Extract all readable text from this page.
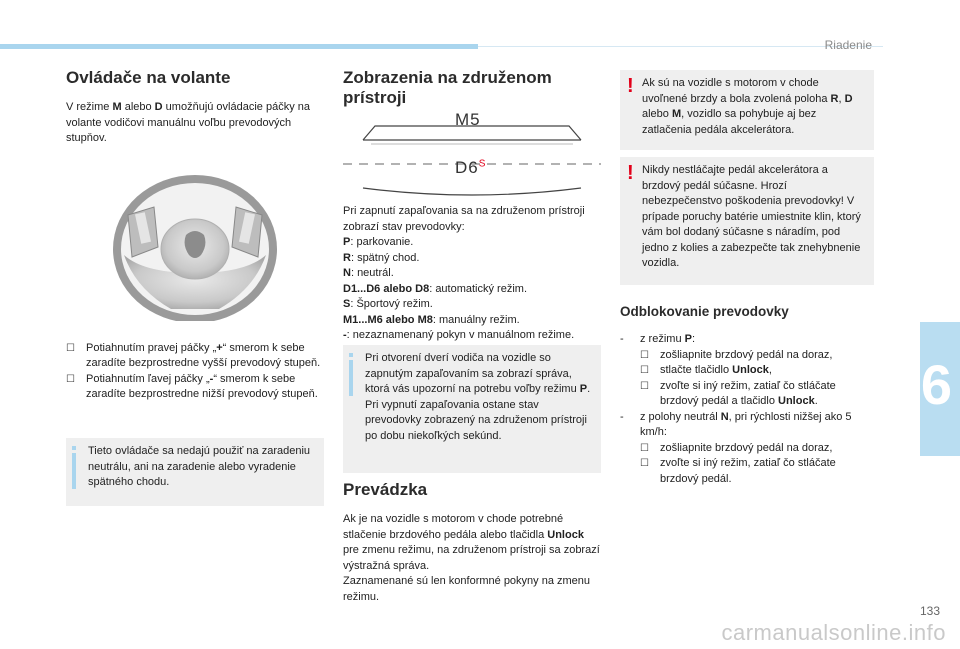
Riadenie
6
Ovládače na volante

V režime M alebo D umožňujú ovládacie páčky na volante vodičovi manuálnu voľbu prevodových stupňov.

☐ Potiahnutím pravej páčky „+“ smerom k sebe zaradíte bezprostredne vyšší prevodový stupeň.
☐ Potiahnutím ľavej páčky „-“ smerom k sebe zaradíte bezprostredne nižší prevodový stupeň.

Tieto ovládače sa nedajú použiť na zaradeniu neutrálu, ani na zaradenie alebo vyradenie spätného chodu.

Zobrazenia na združenom prístroji
M5
$D6^S$

Pri zapnutí zapaľovania sa na združenom prístroji zobrazí stav prevodovky:

P: parkovanie.

R: spätný chod.

N: neutrál.

D1...D6 alebo D8: automatický režim.

S: Športový režim.

M1...M6 alebo M8: manuálny režim.

-: nezaznamenaný pokyn v manuálnom režime.

Pri otvorení dverí vodiča na vozidle so zapnutým zapaľovaním sa zobrazí správa, ktorá vás upozorní na potrebu voľby režimu P.

Pri vypnutí zapaľovania ostane stav prevodovky zobrazený na združenom prístroji po dobu niekoľkých sekúnd.

Prevádzka

Ak je na vozidle s motorom v chode potrebné stlačenie brzdového pedála alebo tlačidla Unlock pre zmenu režimu, na združenom prístroji sa zobrazí výstražná správa.

Zaznamenané sú len konformné pokyny na zmenu režimu.

! Ak sú na vozidle s motorom v chode uvoľnené brzdy a bola zvolená poloha R, D alebo M, vozidlo sa pohybuje aj bez zatlačenia pedála akcelerátora.

! Nikdy nestláčajte pedál akcelerátora a brzdový pedál súčasne. Hrozí nebezpečenstvo poškodenia prevodovky! V prípade poruchy batérie umiestnite klin, ktorý vám bol dodaný súčasne s náradím, pod jedno z kolies a zabezpečte tak znehybnenie vozidla.

Odblokovanie prevodovky
- z režimu P:
☐ zošliapnite brzdový pedál na doraz,
☐ stlačte tlačidlo Unlock,
☐ zvoľte si iný režim, zatiaľ čo stláčate brzdový pedál a tlačidlo Unlock.
- z polohy neutrál N, pri rýchlosti nižšej ako 5 km/h:
☐ zošliapnite brzdový pedál na doraz,
☐ zvoľte si iný režim, zatiaľ čo stláčate brzdový pedál.
133
carmanualsonline.info
